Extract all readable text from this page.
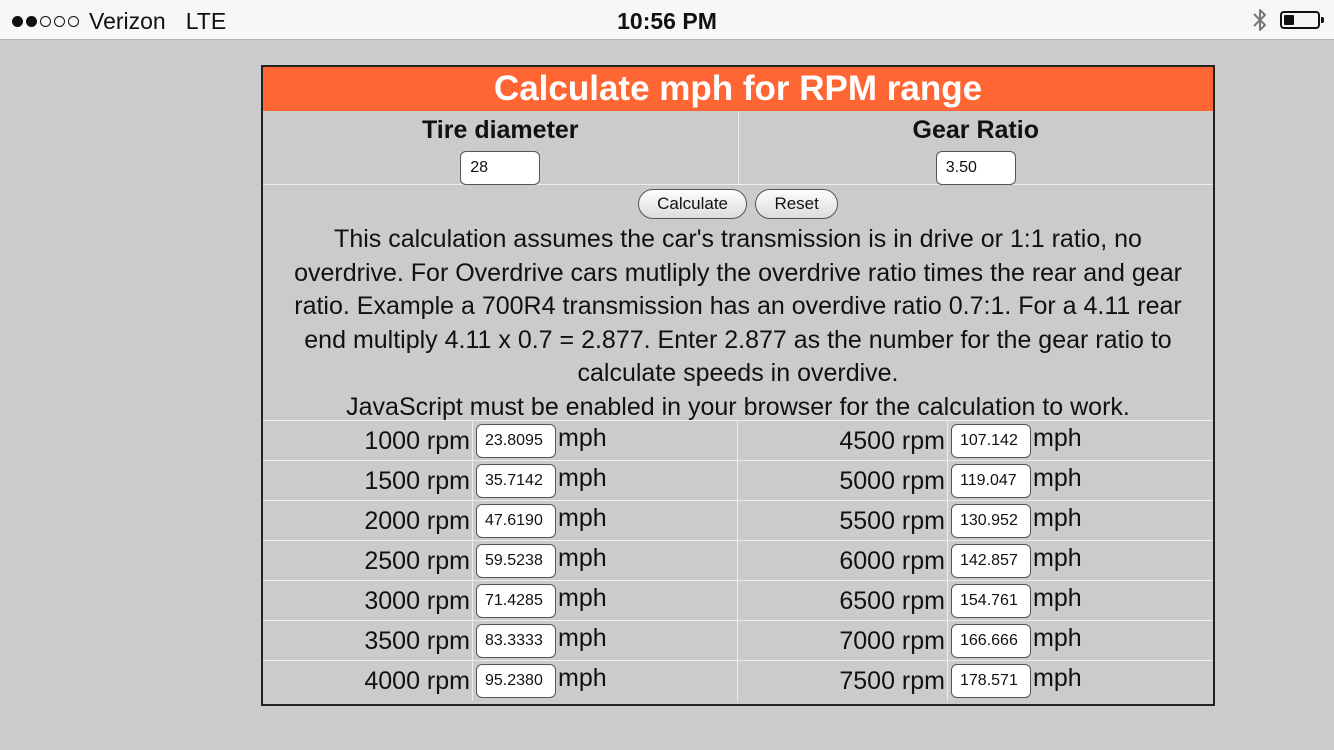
Verizon LTE	10:56 PM
Calculate mph for RPM range
Tire diameter
28
Gear Ratio
3.50
Calculate	Reset

This calculation assumes the car's transmission is in drive or 1:1 ratio, no overdrive. For Overdrive cars mutliply the overdrive ratio times the rear and gear ratio. Example a 700R4 transmission has an overdive ratio 0.7:1. For a 4.11 rear end multiply 4.11 x 0.7 = 2.877. Enter 2.877 as the number for the gear ratio to calculate speeds in overdive.

JavaScript must be enabled in your browser for the calculation to work.

1000 rpm 23.8095 mph	4500 rpm 107.142 mph
1500 rpm 35.7142 mph	5000 rpm 119.047 mph
2000 rpm 47.6190 mph	5500 rpm 130.952 mph
2500 rpm 59.5238 mph	6000 rpm 142.857 mph
3000 rpm 71.4285 mph	6500 rpm 154.761 mph
3500 rpm 83.3333 mph	7000 rpm 166.666 mph
4000 rpm 95.2380 mph	7500 rpm 178.571 mph
